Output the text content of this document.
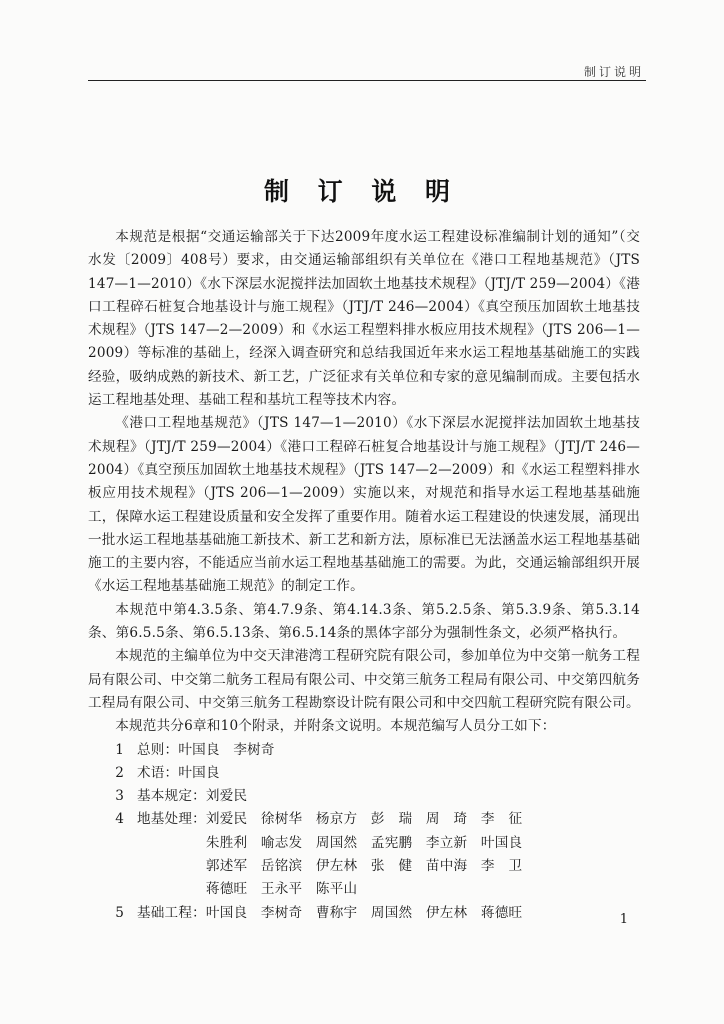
制订说明
制 订 说 明

本规范是根据“交通运输部关于下达2009年度水运工程建设标准编制计划的通知”（交水发〔2009〕408号）要求，由交通运输部组织有关单位在《港口工程地基规范》（JTS 147—1—2010）《水下深层水泥搅拌法加固软土地基技术规程》（JTJ/T 259—2004）《港口工程碎石桩复合地基设计与施工规程》（JTJ/T 246—2004）《真空预压加固软土地基技术规程》（JTS 147—2—2009）和《水运工程塑料排水板应用技术规程》（JTS 206—1—2009）等标准的基础上，经深入调查研究和总结我国近年来水运工程地基基础施工的实践经验，吸纳成熟的新技术、新工艺，广泛征求有关单位和专家的意见编制而成。主要包括水运工程地基处理、基础工程和基坑工程等技术内容。

《港口工程地基规范》（JTS 147—1—2010）《水下深层水泥搅拌法加固软土地基技术规程》（JTJ/T 259—2004）《港口工程碎石桩复合地基设计与施工规程》（JTJ/T 246—2004）《真空预压加固软土地基技术规程》（JTS 147—2—2009）和《水运工程塑料排水板应用技术规程》（JTS 206—1—2009）实施以来，对规范和指导水运工程地基基础施工，保障水运工程建设质量和安全发挥了重要作用。随着水运工程建设的快速发展，涌现出一批水运工程地基基础施工新技术、新工艺和新方法，原标准已无法涵盖水运工程地基基础施工的主要内容，不能适应当前水运工程地基基础施工的需要。为此，交通运输部组织开展《水运工程地基基础施工规范》的制定工作。

本规范中第4.3.5条、第4.7.9条、第4.14.3条、第5.2.5条、第5.3.9条、第5.3.14条、第6.5.5条、第6.5.13条、第6.5.14条的黑体字部分为强制性条文，必须严格执行。

本规范的主编单位为中交天津港湾工程研究院有限公司，参加单位为中交第一航务工程局有限公司、中交第二航务工程局有限公司、中交第三航务工程局有限公司、中交第四航务工程局有限公司、中交第三航务工程勘察设计院有限公司和中交四航工程研究院有限公司。

本规范共分6章和10个附录，并附条文说明。本规范编写人员分工如下：

1 总则： 叶国良 李树奇
2 术语： 叶国良
3 基本规定： 刘爱民
4 地基处理： 刘爱民 徐树华 杨京方 彭　瑞 周　琦 李　征
朱胜利 喻志发 周国然 孟宪鹏 李立新 叶国良
郭述军 岳铭滨 伊左林 张　健 苗中海 李　卫
蒋德旺 王永平 陈平山
5 基础工程： 叶国良 李树奇 曹称宇 周国然 伊左林 蒋德旺	1
